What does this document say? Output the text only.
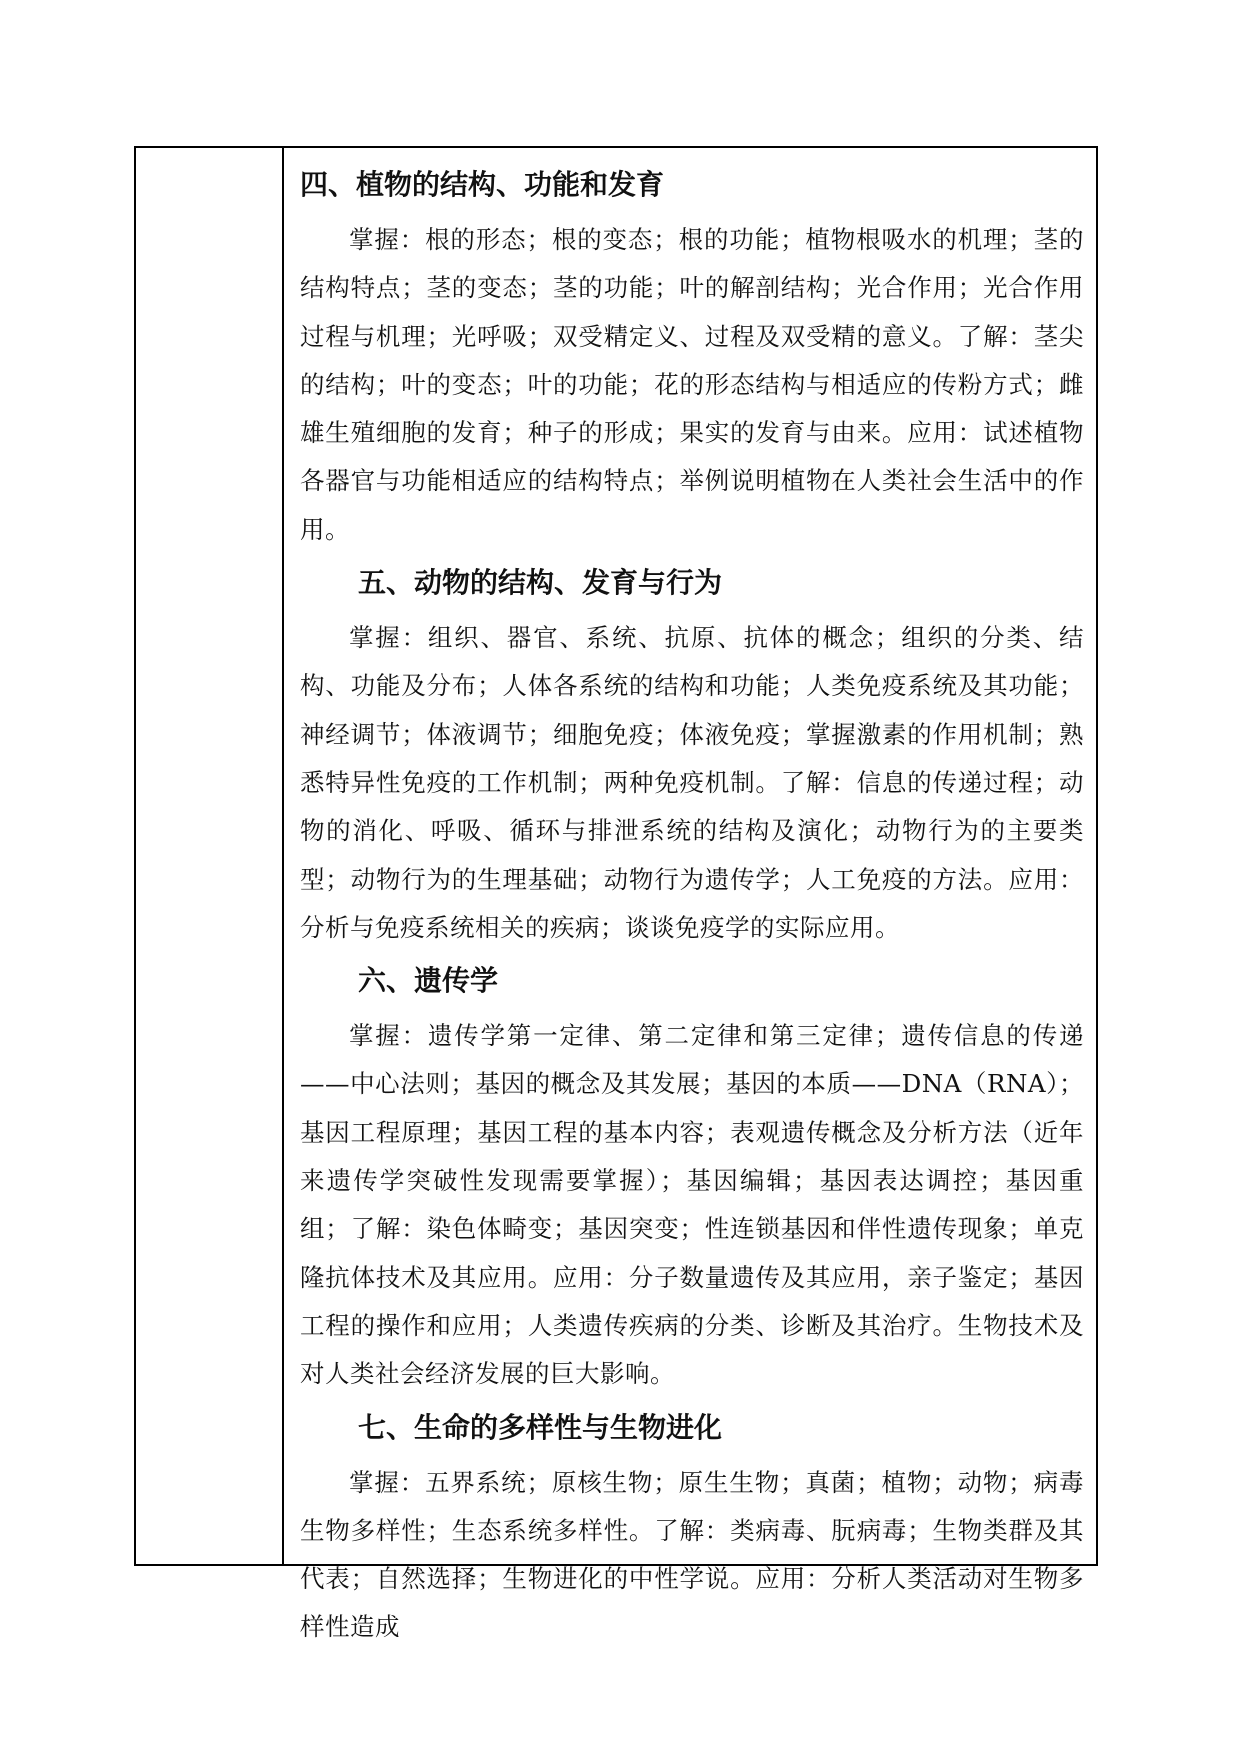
四、植物的结构、功能和发育

掌握：根的形态；根的变态；根的功能；植物根吸水的机理；茎的结构特点；茎的变态；茎的功能；叶的解剖结构；光合作用；光合作用过程与机理；光呼吸；双受精定义、过程及双受精的意义。了解：茎尖的结构；叶的变态；叶的功能；花的形态结构与相适应的传粉方式；雌雄生殖细胞的发育；种子的形成；果实的发育与由来。应用：试述植物各器官与功能相适应的结构特点；举例说明植物在人类社会生活中的作用。

五、动物的结构、发育与行为

掌握：组织、器官、系统、抗原、抗体的概念；组织的分类、结构、功能及分布；人体各系统的结构和功能；人类免疫系统及其功能；神经调节；体液调节；细胞免疫；体液免疫；掌握激素的作用机制；熟悉特异性免疫的工作机制；两种免疫机制。了解：信息的传递过程；动物的消化、呼吸、循环与排泄系统的结构及演化；动物行为的主要类型；动物行为的生理基础；动物行为遗传学；人工免疫的方法。应用：分析与免疫系统相关的疾病；谈谈免疫学的实际应用。

六、遗传学

掌握：遗传学第一定律、第二定律和第三定律；遗传信息的传递——中心法则；基因的概念及其发展；基因的本质——DNA（RNA）；基因工程原理；基因工程的基本内容；表观遗传概念及分析方法（近年来遗传学突破性发现需要掌握）；基因编辑；基因表达调控；基因重组；了解：染色体畸变；基因突变；性连锁基因和伴性遗传现象；单克隆抗体技术及其应用。应用：分子数量遗传及其应用，亲子鉴定；基因工程的操作和应用；人类遗传疾病的分类、诊断及其治疗。生物技术及对人类社会经济发展的巨大影响。

七、生命的多样性与生物进化

掌握：五界系统；原核生物；原生生物；真菌；植物；动物；病毒生物多样性；生态系统多样性。了解：类病毒、朊病毒；生物类群及其代表；自然选择；生物进化的中性学说。应用：分析人类活动对生物多样性造成
